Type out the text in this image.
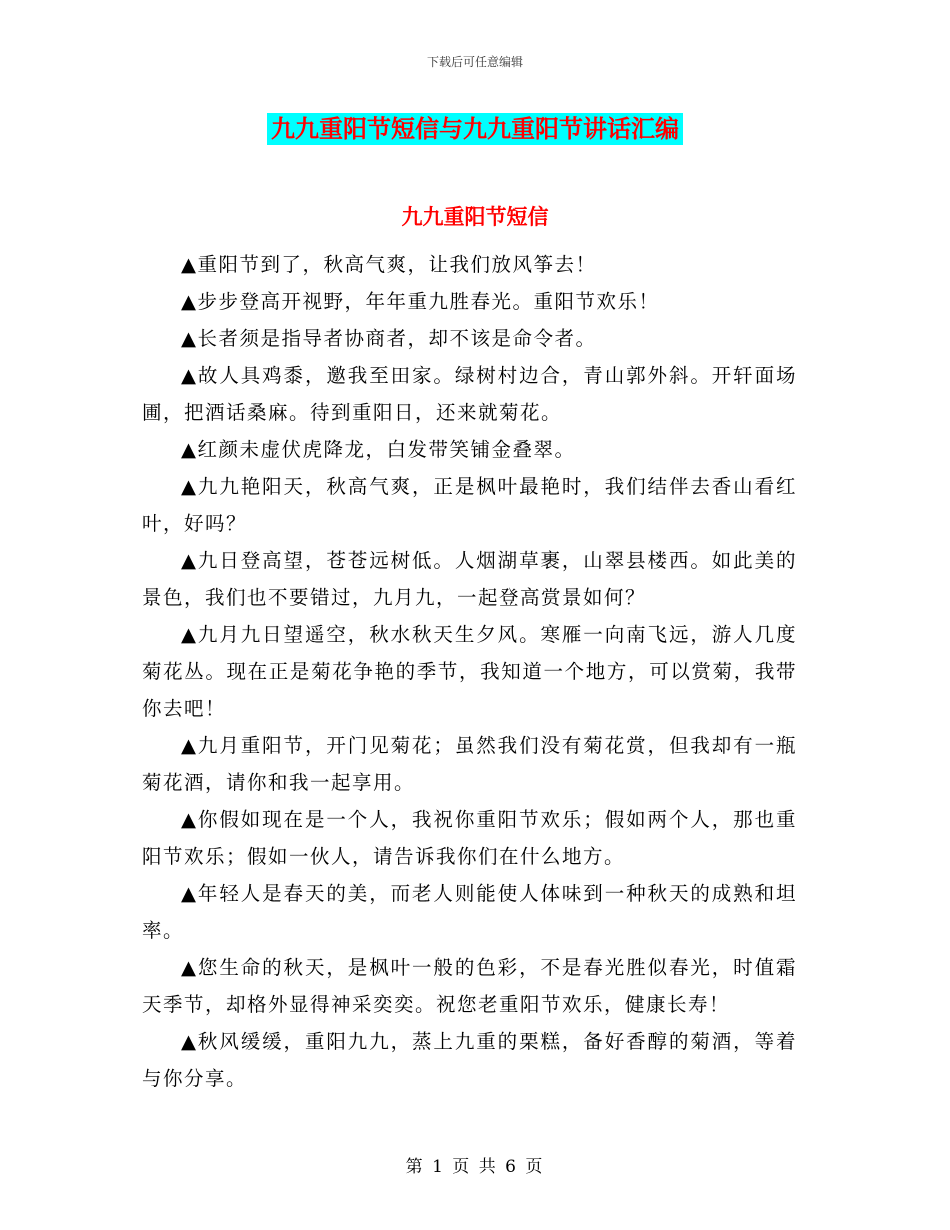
下载后可任意编辑
九九重阳节短信与九九重阳节讲话汇编
九九重阳节短信

▲重阳节到了，秋高气爽，让我们放风筝去！

▲步步登高开视野，年年重九胜春光。重阳节欢乐！

▲长者须是指导者协商者，却不该是命令者。

▲故人具鸡黍，邀我至田家。绿树村边合，青山郭外斜。开轩面场圃，把酒话桑麻。待到重阳日，还来就菊花。

▲红颜未虚伏虎降龙，白发带笑铺金叠翠。

▲九九艳阳天，秋高气爽，正是枫叶最艳时，我们结伴去香山看红叶，好吗？

▲九日登高望，苍苍远树低。人烟湖草裹，山翠县楼西。如此美的景色，我们也不要错过，九月九，一起登高赏景如何？

▲九月九日望遥空，秋水秋天生夕风。寒雁一向南飞远，游人几度菊花丛。现在正是菊花争艳的季节，我知道一个地方，可以赏菊，我带你去吧！

▲九月重阳节，开门见菊花；虽然我们没有菊花赏，但我却有一瓶菊花酒，请你和我一起享用。

▲你假如现在是一个人，我祝你重阳节欢乐；假如两个人，那也重阳节欢乐；假如一伙人，请告诉我你们在什么地方。

▲年轻人是春天的美，而老人则能使人体味到一种秋天的成熟和坦率。

▲您生命的秋天，是枫叶一般的色彩，不是春光胜似春光，时值霜天季节，却格外显得神采奕奕。祝您老重阳节欢乐，健康长寿！

▲秋风缓缓，重阳九九，蒸上九重的栗糕，备好香醇的菊酒，等着与你分享。

第 1 页 共 6 页
